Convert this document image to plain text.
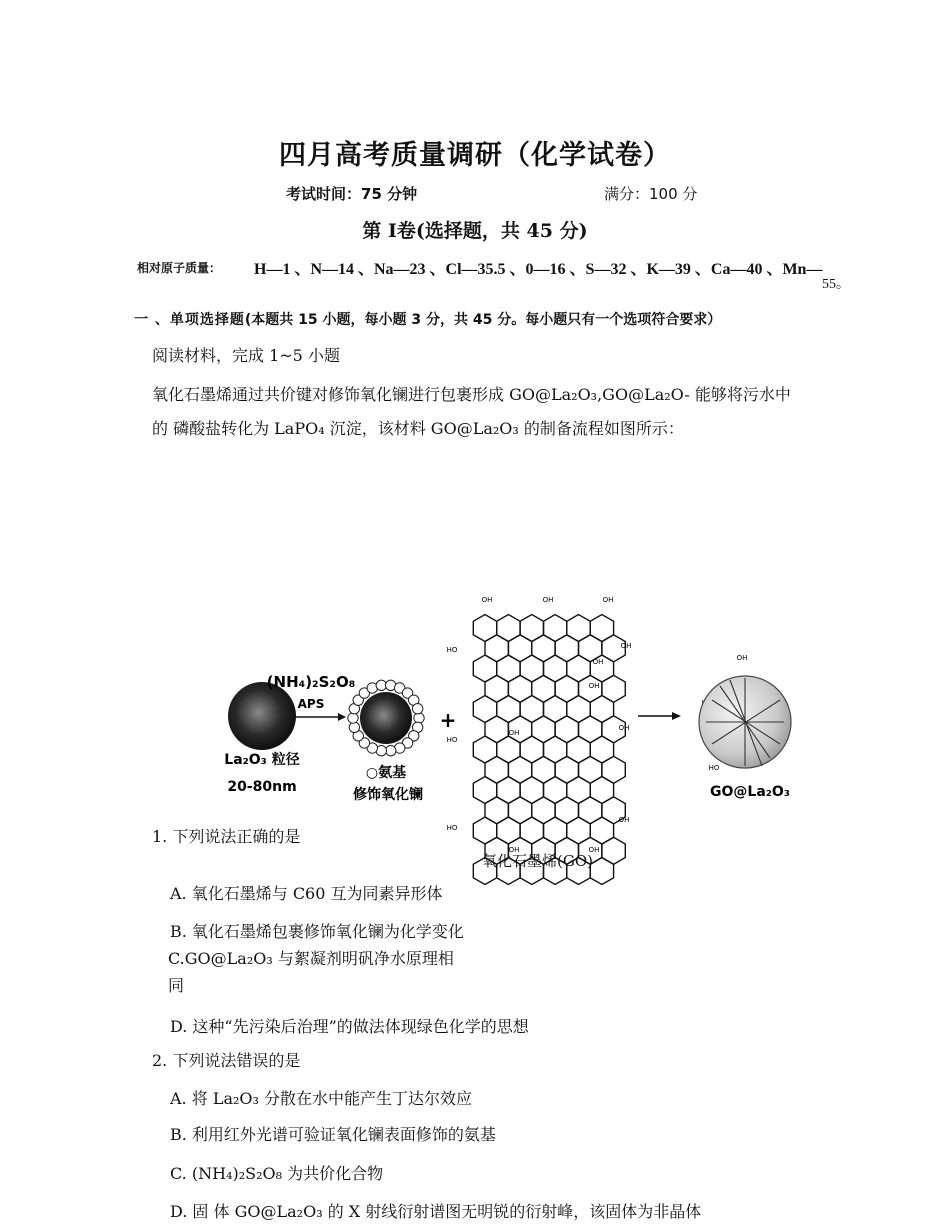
四月高考质量调研（化学试卷）
考试时间：75 分钟	满分：100 分
第 Ⅰ卷(选择题，共 45 分)
相对原子质量： H—1 、N—14 、Na—23 、Cl—35.5 、0—16 、S—32 、K—39 、Ca—40 、Mn—
55。
一 、单项选择题(本题共 15 小题，每小题 3 分，共 45 分。每小题只有一个选项符合要求）
阅读材料，完成 1~5 小题
氧化石墨烯通过共价键对修饰氧化镧进行包裹形成 GO@La₂O₃,GO@La₂O- 能够将污水中
的 磷酸盐转化为 LaPO₄ 沉淀，该材料 GO@La₂O₃ 的制备流程如图所示：
La₂O₃ 粒径
20-80nm
(NH₄)₂S₂O₈
APS
○氨基
修饰氧化镧
+
OH	OH	OH
HO	OH
OH
HO
OH
HO
OH
OH	OH
OH
OH
OH
HO
GO@La₂O₃
氧化石墨烯(GO)
1. 下列说法正确的是
A. 氧化石墨烯与 C60 互为同素异形体
B. 氧化石墨烯包裹修饰氧化镧为化学变化
C.GO@La₂O₃ 与絮凝剂明矾净水原理相
同
D. 这种“先污染后治理”的做法体现绿色化学的思想
2. 下列说法错误的是
A. 将 La₂O₃ 分散在水中能产生丁达尔效应
B. 利用红外光谱可验证氧化镧表面修饰的氨基
C. (NH₄)₂S₂O₈ 为共价化合物
D. 固 体 GO@La₂O₃ 的 X 射线衍射谱图无明锐的衍射峰，该固体为非晶体
